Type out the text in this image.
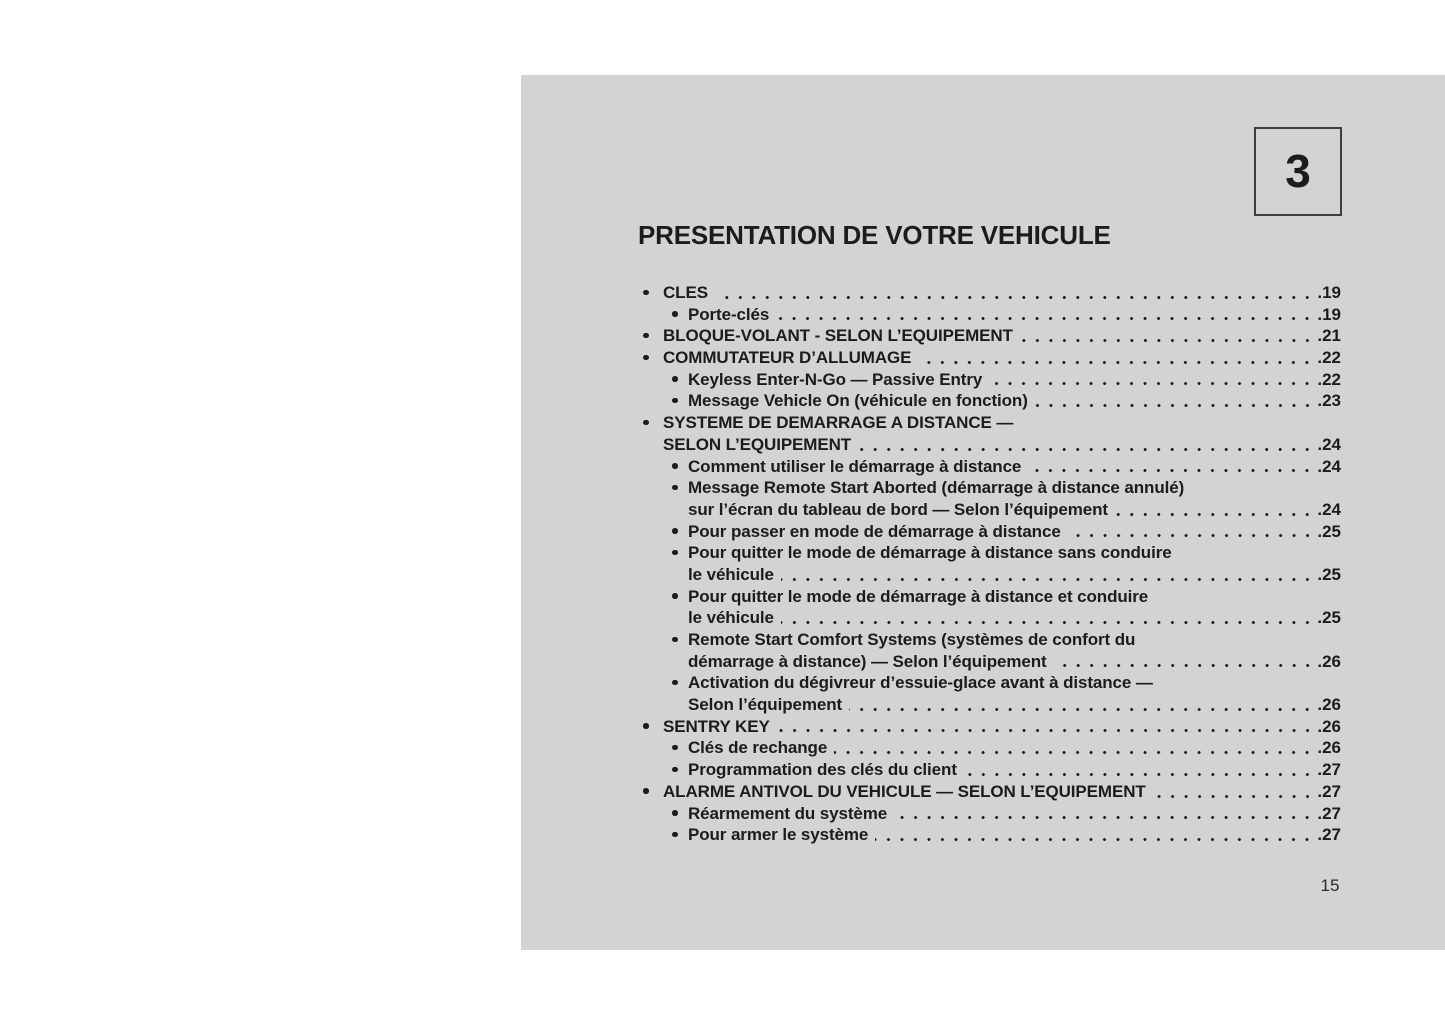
3
PRESENTATION DE VOTRE VEHICULE
CLES	. 19
Porte-clés	. 19
BLOQUE-VOLANT - SELON L’EQUIPEMENT	. 21
COMMUTATEUR D’ALLUMAGE	. 22
Keyless Enter-N-Go — Passive Entry	. 22
Message Vehicle On (véhicule en fonction)	. 23
SYSTEME DE DEMARRAGE A DISTANCE —
SELON L’EQUIPEMENT	. 24
Comment utiliser le démarrage à distance	. 24
Message Remote Start Aborted (démarrage à distance annulé)
sur l’écran du tableau de bord — Selon l’équipement	. 24
Pour passer en mode de démarrage à distance	. 25
Pour quitter le mode de démarrage à distance sans conduire
le véhicule	. 25
Pour quitter le mode de démarrage à distance et conduire
le véhicule	. 25
Remote Start Comfort Systems (systèmes de confort du
démarrage à distance) — Selon l’équipement	. 26
Activation du dégivreur d’essuie-glace avant à distance —
Selon l’équipement	. 26
SENTRY KEY	. 26
Clés de rechange	. 26
Programmation des clés du client	. 27
ALARME ANTIVOL DU VEHICULE — SELON L’EQUIPEMENT	. 27
Réarmement du système	. 27
Pour armer le système	. 27
15
